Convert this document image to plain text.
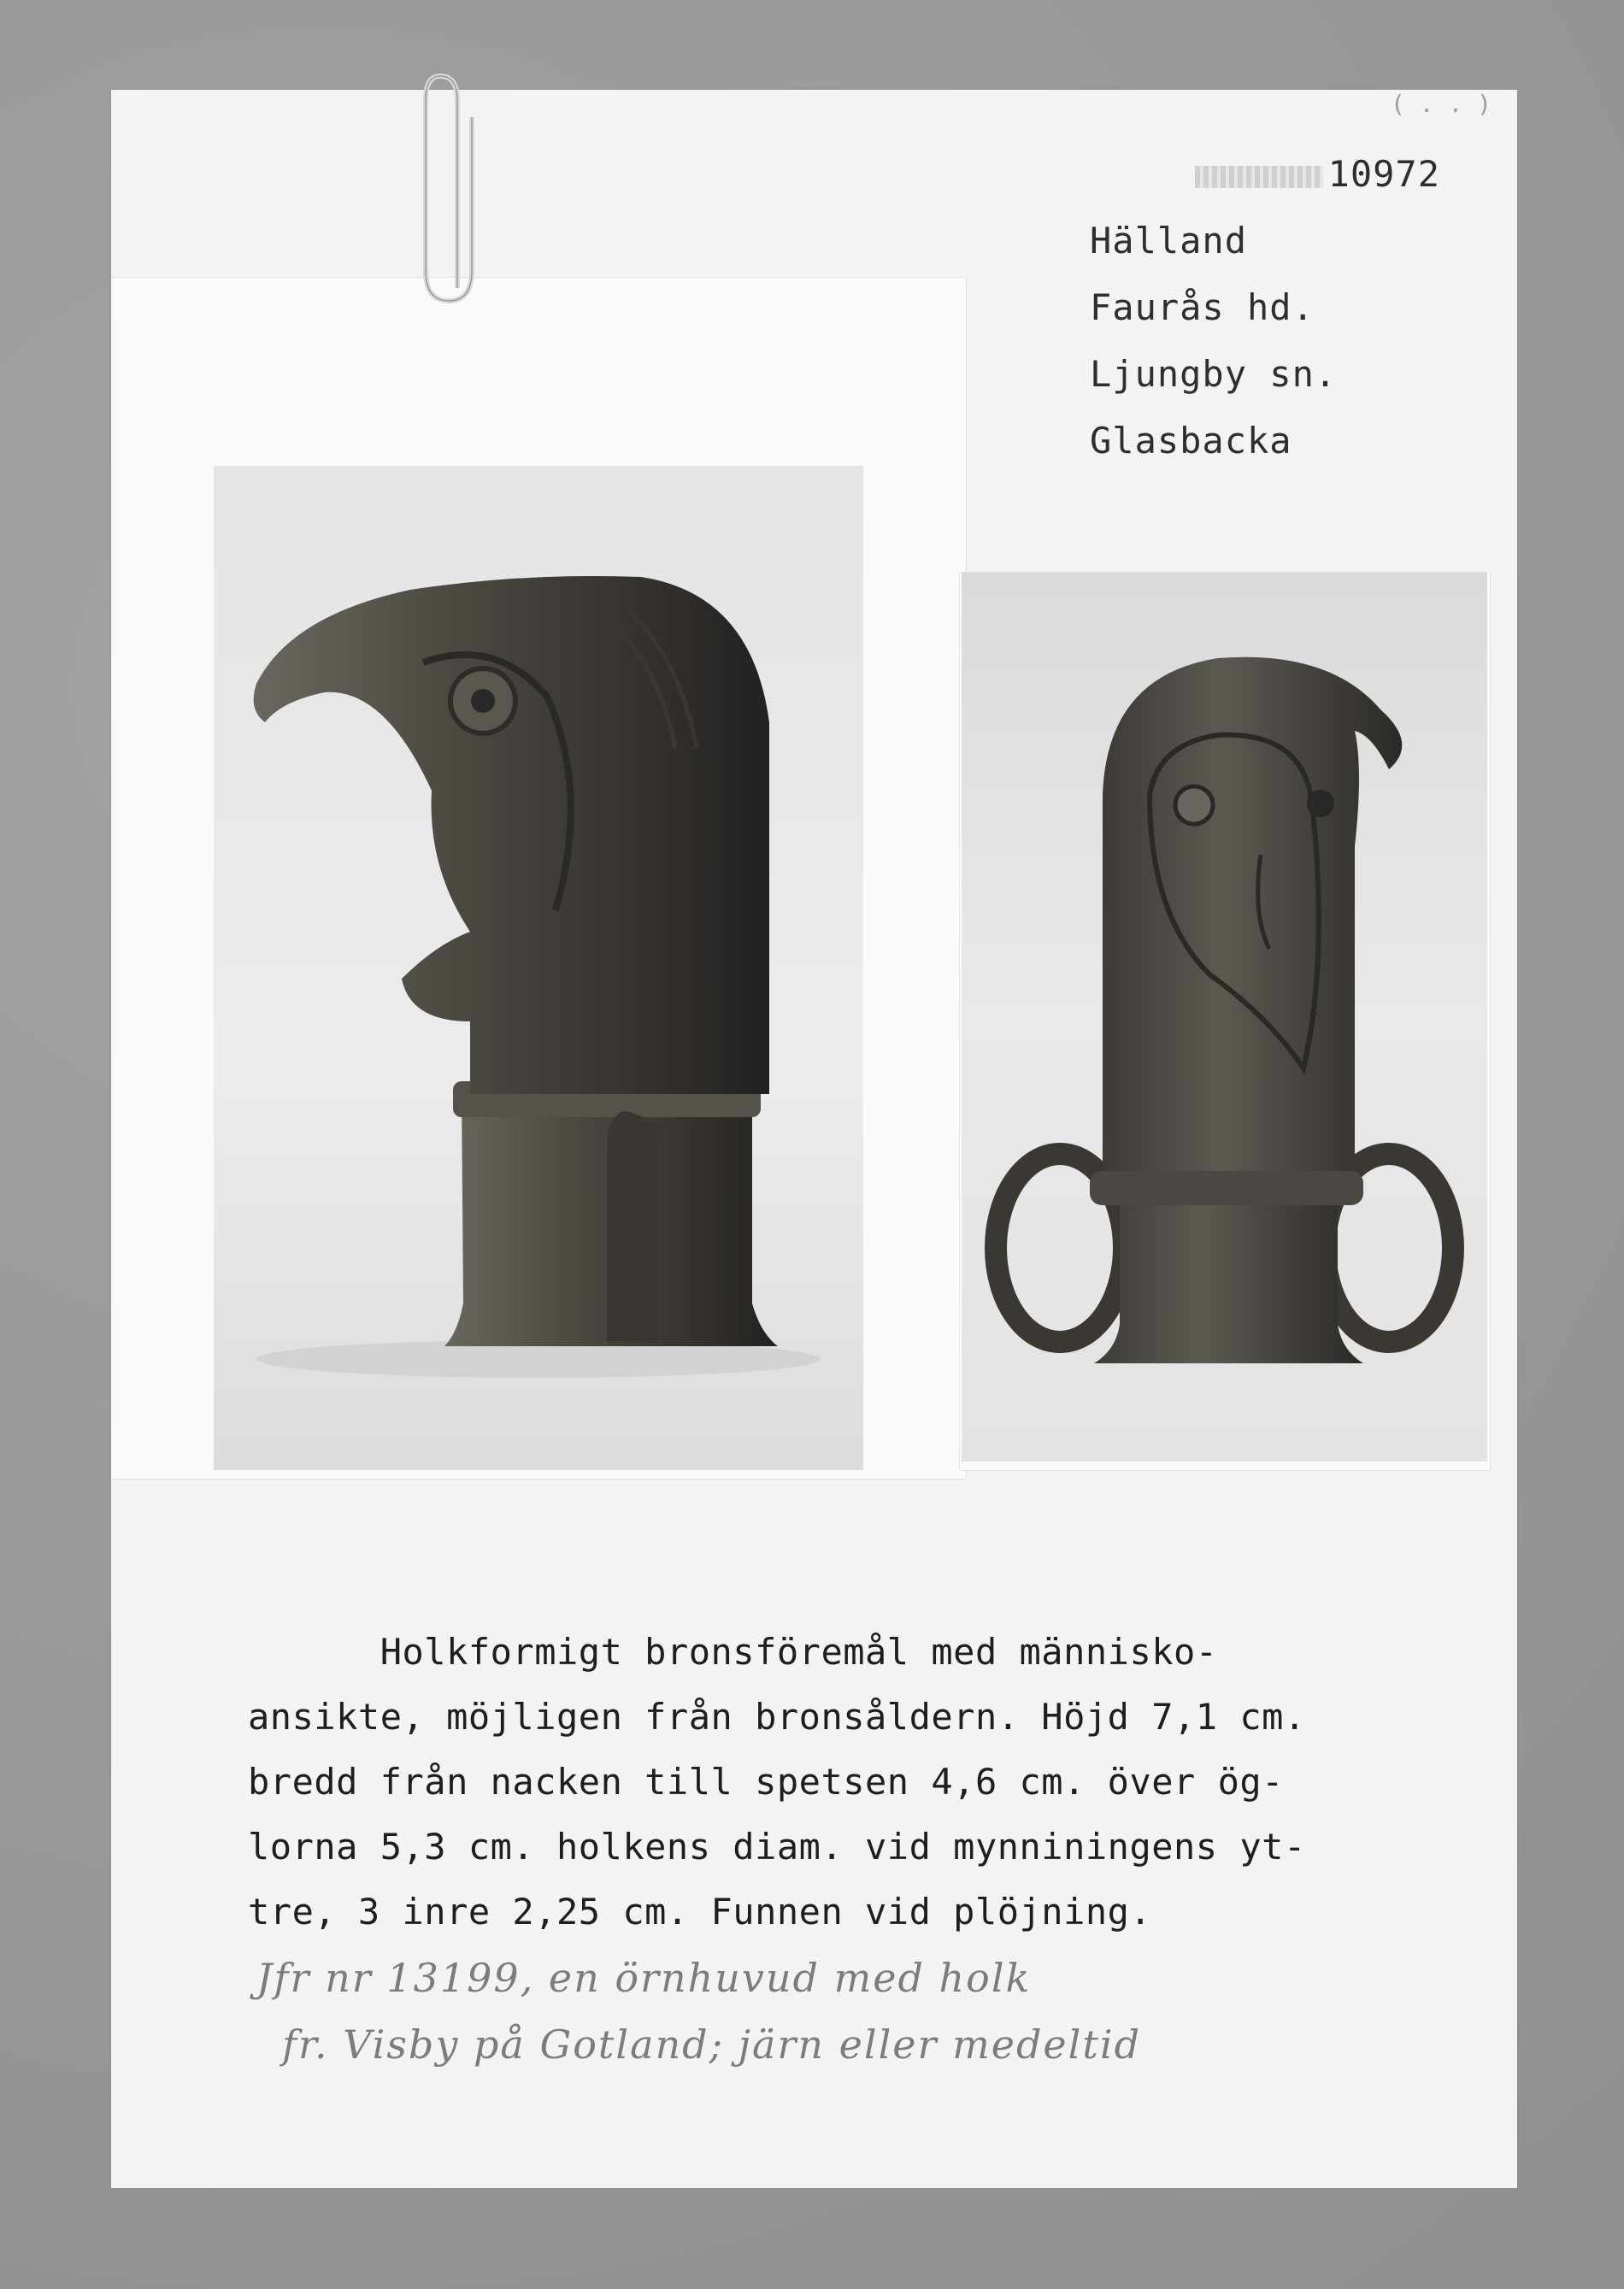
( . . )
10972
Hälland
Faurås hd.
Ljungby sn.
Glasbacka
Holkformigt bronsföremål med människo-
ansikte, möjligen från bronsåldern. Höjd 7,1 cm.
bredd från nacken till spetsen 4,6 cm. över ög-
lorna 5,3 cm. holkens diam. vid mynniningens yt-
tre, 3 inre 2,25 cm. Funnen vid plöjning.
Jfr nr 13199, en örnhuvud med holk
fr. Visby på Gotland; järn eller medeltid
